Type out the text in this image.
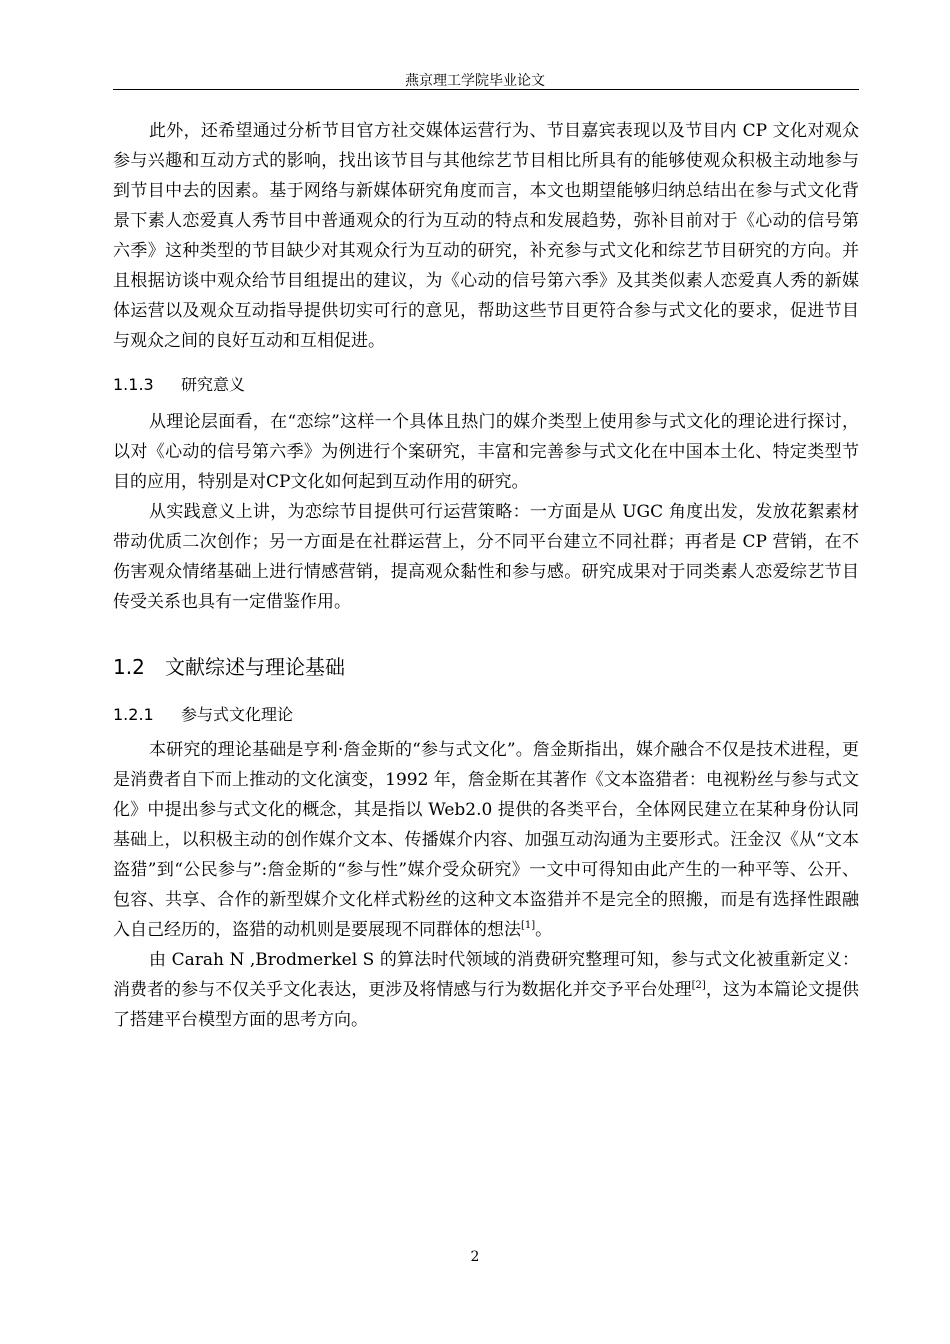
燕京理工学院毕业论文

此外，还希望通过分析节目官方社交媒体运营行为、节目嘉宾表现以及节目内 CP 文化对观众参与兴趣和互动方式的影响，找出该节目与其他综艺节目相比所具有的能够使观众积极主动地参与到节目中去的因素。基于网络与新媒体研究角度而言，本文也期望能够归纳总结出在参与式文化背景下素人恋爱真人秀节目中普通观众的行为互动的特点和发展趋势，弥补目前对于《心动的信号第六季》这种类型的节目缺少对其观众行为互动的研究，补充参与式文化和综艺节目研究的方向。并且根据访谈中观众给节目组提出的建议，为《心动的信号第六季》及其类似素人恋爱真人秀的新媒体运营以及观众互动指导提供切实可行的意见，帮助这些节目更符合参与式文化的要求，促进节目与观众之间的良好互动和互相促进。

1.1.3 研究意义

从理论层面看，在“恋综”这样一个具体且热门的媒介类型上使用参与式文化的理论进行探讨，以对《心动的信号第六季》为例进行个案研究，丰富和完善参与式文化在中国本土化、特定类型节目的应用，特别是对CP文化如何起到互动作用的研究。

从实践意义上讲，为恋综节目提供可行运营策略：一方面是从 UGC 角度出发，发放花絮素材带动优质二次创作；另一方面是在社群运营上，分不同平台建立不同社群；再者是 CP 营销，在不伤害观众情绪基础上进行情感营销，提高观众黏性和参与感。研究成果对于同类素人恋爱综艺节目传受关系也具有一定借鉴作用。

1.2 文献综述与理论基础
1.2.1 参与式文化理论

本研究的理论基础是亨利·詹金斯的“参与式文化”。詹金斯指出，媒介融合不仅是技术进程，更是消费者自下而上推动的文化演变，1992 年，詹金斯在其著作《文本盗猎者：电视粉丝与参与式文化》中提出参与式文化的概念，其是指以 Web2.0 提供的各类平台，全体网民建立在某种身份认同基础上，以积极主动的创作媒介文本、传播媒介内容、加强互动沟通为主要形式。汪金汉《从“文本盗猎”到“公民参与”:詹金斯的“参与性”媒介受众研究》一文中可得知由此产生的一种平等、公开、包容、共享、合作的新型媒介文化样式粉丝的这种文本盗猎并不是完全的照搬，而是有选择性跟融入自己经历的，盗猎的动机则是要展现不同群体的想法[1]。

由 Carah N ,Brodmerkel S 的算法时代领域的消费研究整理可知，参与式文化被重新定义：消费者的参与不仅关乎文化表达，更涉及将情感与行为数据化并交予平台处理[2]，这为本篇论文提供了搭建平台模型方面的思考方向。

2
